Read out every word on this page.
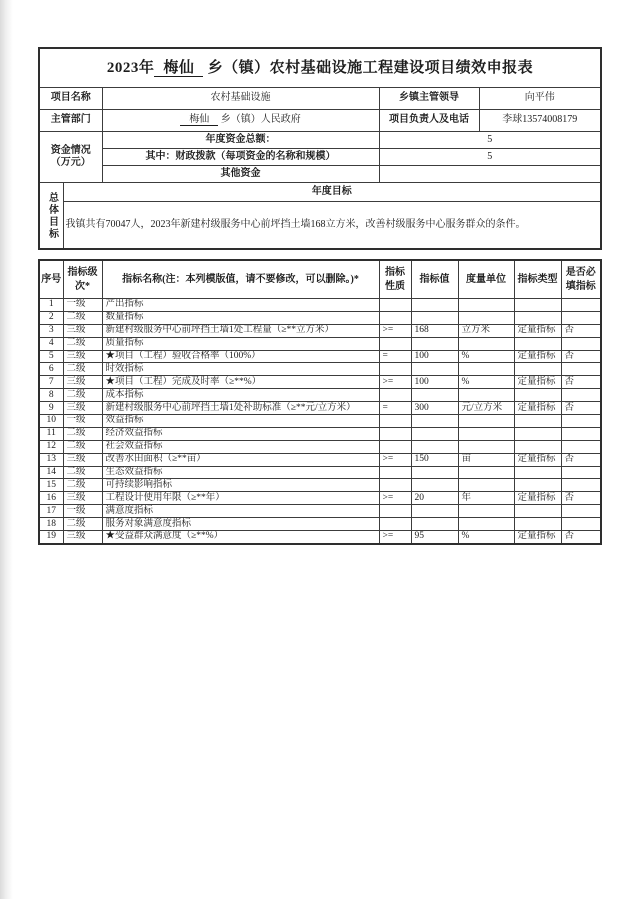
2023年 梅仙 乡（镇）农村基础设施工程建设项目绩效申报表				
项目名称		农村基础设施	乡镇主管领导	向平伟
主管部门		梅仙 乡（镇）人民政府	项目负责人及电话	李球13574008179

资金情况
（万元）		年度资金总额：	5	
		其中：财政拨款（每项资金的名称和规模）	5	
		其他资金		
总体目标	年度目标			
	我镇共有70047人，2023年新建村级服务中心前坪挡土墙168立方米，改善村级服务中心服务群众的条件。			
序号	指标级次*	指标名称(注：本列模版值，请不要修改，可以删除。)*	指标性质	指标值	度量单位	指标类型	是否必填指标
1	一级	产出指标					
2	二级	数量指标					
3	三级	新建村级服务中心前坪挡土墙1处工程量（≥**立方米）	>=	168	立方米	定量指标	否
4	二级	质量指标					
5	三级	★项目（工程）验收合格率（100%）	=	100	%	定量指标	否
6	二级	时效指标					
7	三级	★项目（工程）完成及时率（≥**%）	>=	100	%	定量指标	否
8	二级	成本指标					
9	三级	新建村级服务中心前坪挡土墙1处补助标准（≥**元/立方米）	=	300	元/立方米	定量指标	否
10	一级	效益指标					
11	二级	经济效益指标					
12	二级	社会效益指标					
13	三级	改善水田面积（≥**亩）	>=	150	亩	定量指标	否
14	二级	生态效益指标					
15	二级	可持续影响指标					
16	三级	工程设计使用年限（≥**年）	>=	20	年	定量指标	否
17	一级	满意度指标					
18	二级	服务对象满意度指标					
19	三级	★受益群众满意度（≥**%）	>=	95	%	定量指标	否
